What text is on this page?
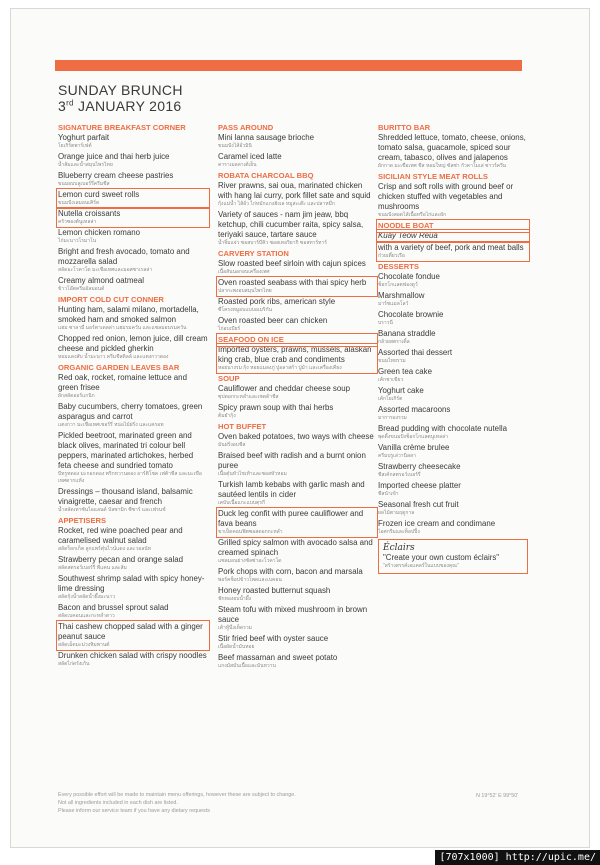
SUNDAY BRUNCH
3rd JANUARY 2016
SIGNATURE BREAKFAST CORNER
Yoghurt parfait
โยเกิร์ตพาร์เฟต์
Orange juice and thai herb juice
น้ำส้มและน้ำสมุนไพรไทย
Blueberry cream cheese pastries
ขนมอบบลูเบอร์รี่ครีมชีส
Lemon curd sweet rolls
ขนมปังเลมอนเคิร์ด
Nutella croissants
ครัวซองต์นูเทลล่า
Lemon chicken romano
ไก่มะนาวโรมาโน
Bright and fresh avocado, tomato and mozzarella salad
สลัดอะโวคาโด มะเขือเทศและมอสซาเรลล่า
Creamy almond oatmeal
ข้าวโอ๊ตครีมอัลมอนด์
IMPORT COLD CUT CONNER
Hunting ham, salami milano, mortadella, smoked ham and smoked salmon
แฮม ซาลามี่ มอร์ตาเดลล่า แฮมรมควัน และแซลมอนรมควัน
Chopped red onion, lemon juice, dill cream cheese and pickled gherkin
หอมแดงสับ น้ำมะนาว ครีมชีสดิลล์ และแตงกวาดอง
ORGANIC GARDEN LEAVES BAR
Red oak, rocket, romaine lettuce and green frisee
ผักสลัดออร์แกนิก
Baby cucumbers, cherry tomatoes, green asparagus and carrot
แตงกวา มะเขือเทศเชอร์รี่ หน่อไม้ฝรั่ง และแครอท
Pickled beetroot, marinated green and black olives, marinated tri colour bell peppers, marinated artichokes, herbed feta cheese and sundried tomato
บีทรูทดอง มะกอกดอง พริกหวานดอง อาร์ติโชค เฟต้าชีส และมะเขือเทศตากแห้ง
Dressings – thousand island, balsamic vinaigrette, caesar and french
น้ำสลัดเทาซันไอแลนด์ บัลซามิก ซีซาร์ และเฟรนช์
APPETISERS
Rocket, red wine poached pear and caramelised walnut salad
สลัดร็อกเก็ต ลูกแพร์ตุ๋นไวน์แดง และวอลนัท
Strawberry pecan and orange salad
สลัดสตรอว์เบอร์รี่ พีแคน และส้ม
Southwest shrimp salad with spicy honey-lime dressing
สลัดกุ้งน้ำสลัดน้ำผึ้งมะนาว
Bacon and brussel sprout salad
สลัดเบคอนและกะหล่ำดาว
Thai cashew chopped salad with a ginger peanut sauce
สลัดเม็ดมะม่วงหิมพานต์
Drunken chicken salad with crispy noodles
สลัดไก่ดรังเก้น
PASS AROUND
Mini lanna sausage brioche
ขนมปังไส้อั่วมินิ
Caramel iced latte
คาราเมลลาเต้เย็น
ROBATA CHARCOAL BBQ
River prawns, sai oua, marinated chicken with hang lai curry, pork fillet sate and squid
กุ้งแม่น้ำ ไส้อั่ว ไก่หมักแกงฮังเล หมูสะเต๊ะ และปลาหมึก
Variety of sauces - nam jim jeaw, bbq ketchup, chili cucumber raita, spicy salsa, teriyaki sauce, tartare sauce
น้ำจิ้มแจ่ว ซอสบาร์บีคิว ซอสเทอริยากิ ซอสทาร์ทาร์
CARVERY STATION
Slow roasted beef sirloin with cajun spices
เนื้อสันนอกอบเครื่องเทศ
Oven roasted seabass with thai spicy herb
ปลากะพงอบสมุนไพรไทย
Roasted pork ribs, american style
ซี่โครงหมูอบแบบอเมริกัน
Oven roasted beer can chicken
ไก่อบเบียร์
SEAFOOD ON ICE
Imported oysters, prawns, mussels, alaskan king crab, blue crab and condiments
หอยนางรม กุ้ง หอยแมลงภู่ ปูอลาสก้า ปูม้า และเครื่องเคียง
SOUP
Cauliflower and cheddar cheese soup
ซุปดอกกะหล่ำและเชดด้าชีส
Spicy prawn soup with thai herbs
ต้มยำกุ้ง
HOT BUFFET
Oven baked potatoes, two ways with cheese
มันฝรั่งอบชีส
Braised beef with radish and a burnt onion puree
เนื้อตุ๋นหัวไชเท้าและซอสหัวหอม
Turkish lamb kebabs with garlic mash and sautéed lentils in cider
เคบับเนื้อแกะแบบตุรกี
Duck leg confit with puree cauliflower and fava beans
ขาเป็ดคอนฟิตซอสดอกกะหล่ำ
Grilled spicy salmon with avocado salsa and creamed spinach
แซลมอนย่างซัลซ่าอะโวคาโด
Pork chops with corn, bacon and marsala
พอร์คช็อปข้าวโพดและเบคอน
Honey roasted butternut squash
ฟักทองอบน้ำผึ้ง
Steam tofu with mixed mushroom in brown sauce
เต้าหู้นึ่งเห็ดรวม
Stir fried beef with oyster sauce
เนื้อผัดน้ำมันหอย
Beef massaman and sweet potato
แกงมัสมั่นเนื้อและมันหวาน
BURITTO BAR
Shredded lettuce, tomato, cheese, onions, tomato salsa, guacamole, spiced sour cream, tabasco, olives and jalapenos
ผักกาด มะเขือเทศ ชีส หอมใหญ่ ซัลซ่า กัวคาโมเล่ ซาวร์ครีม
SICILIAN STYLE MEAT ROLLS
Crisp and soft rolls with ground beef or chicken stuffed with vegetables and mushrooms
ขนมปังสอดไส้เนื้อหรือไก่และผัก
NOODLE BOAT
Kuay Teow Reua
with a variety of beef, pork and meat balls
ก๋วยเตี๋ยวเรือ
DESSERTS
Chocolate fondue
ช็อกโกแลตฟองดูว์
Marshmallow
มาร์ชแมลโลว์
Chocolate brownie
บราวนี่
Banana straddle
กล้วยสตราเดิ้ล
Assorted thai dessert
ขนมไทยรวม
Green tea cake
เค้กชาเขียว
Yoghurt cake
เค้กโยเกิร์ต
Assorted macaroons
มาการองรวม
Bread pudding with chocolate nutella
พุดดิ้งขนมปังช็อกโกแลตนูเทลล่า
Vanilla crème brulee
ครีมบรูเล่วานิลลา
Strawberry cheesecake
ชีสเค้กสตรอว์เบอร์รี่
Imported cheese platter
ชีสนำเข้า
Seasonal fresh cut fruit
ผลไม้ตามฤดูกาล
Frozen ice cream and condimane
ไอศกรีมและท็อปปิ้ง
Éclairs
"Create your own custom éclairs"
"สร้างสรรค์เอแคลร์ในแบบของคุณ"
Every possible effort will be made to maintain menu offerings, however these are subject to change.
Not all ingredients included in each dish are listed.
Please inform our service team if you have any dietary requests
N 19°52' E 99°50'
[707x1000] http://upic.me/
